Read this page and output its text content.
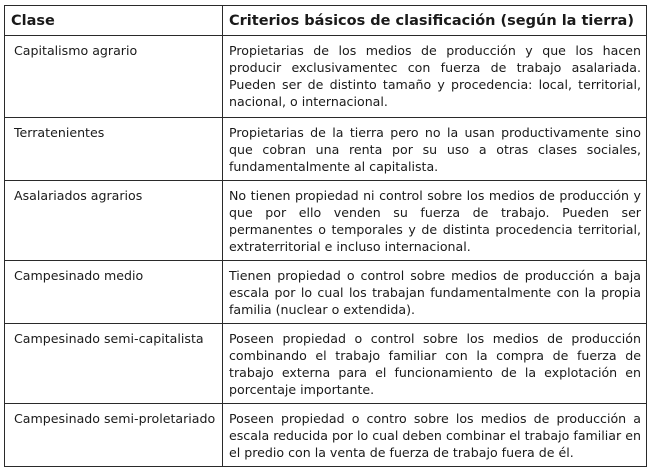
Clase	Criterios básicos de clasificación (según la tierra)
Capitalismo agrario	Propietarias de los medios de producción y que los hacen producir exclusivamentec con fuerza de trabajo asalariada. Pueden ser de distinto tamaño y procedencia: local, territorial, nacional, o internacional.
Terratenientes	Propietarias de la tierra pero no la usan productivamente sino que cobran una renta por su uso a otras clases sociales, fundamentalmente al capitalista.
Asalariados agrarios	No tienen propiedad ni control sobre los medios de producción y que por ello venden su fuerza de trabajo. Pueden ser permanentes o temporales y de distinta procedencia territorial, extraterritorial e incluso internacional.
Campesinado medio	Tienen propiedad o control sobre medios de producción a baja escala por lo cual los trabajan fundamentalmente con la propia familia (nuclear o extendida).
Campesinado semi-capitalista	Poseen propiedad o control sobre los medios de producción combinando el trabajo familiar con la compra de fuerza de trabajo externa para el funcionamiento de la explotación en porcentaje importante.
Campesinado semi-proletariado	Poseen propiedad o contro sobre los medios de producción a escala reducida por lo cual deben combinar el trabajo familiar en el predio con la venta de fuerza de trabajo fuera de él.
